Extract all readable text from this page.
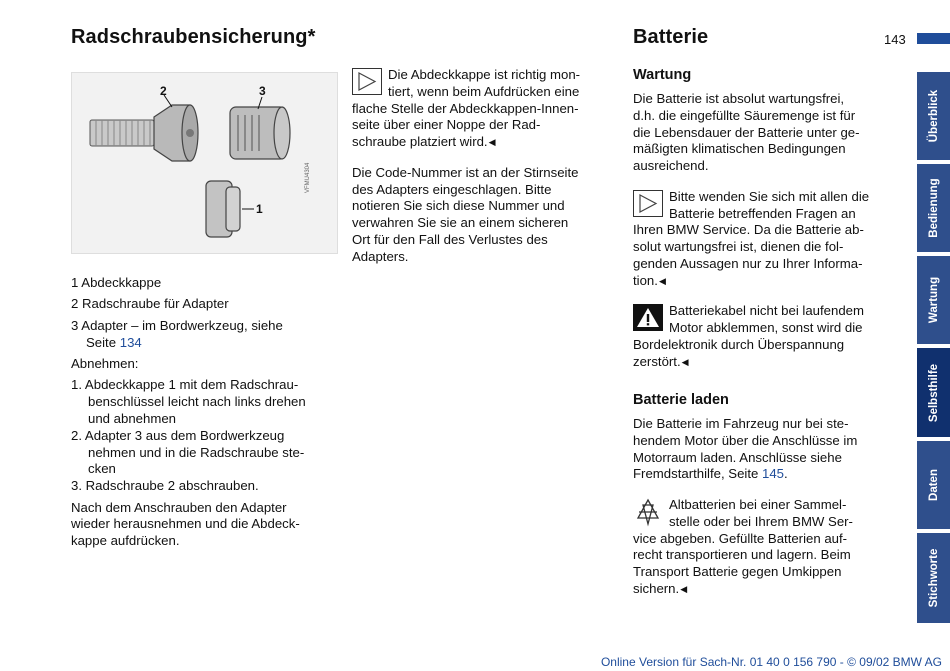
Radschraubensicherung*
2	3
1
VFMU4304

1 Abdeckkappe

2 Radschraube für Adapter

3 Adapter – im Bordwerkzeug, siehe

Seite 134

Abnehmen:

1. Abdeckkappe 1 mit dem Radschrau-

benschlüssel leicht nach links drehen

und abnehmen

2. Adapter 3 aus dem Bordwerkzeug

nehmen und in die Radschraube ste-

cken

3. Radschraube 2 abschrauben.

Nach dem Anschrauben den Adapter

wieder herausnehmen und die Abdeck-

kappe aufdrücken.

Die Abdeckkappe ist richtig mon-

tiert, wenn beim Aufdrücken eine

flache Stelle der Abdeckkappen-Innen-

seite über einer Noppe der Rad-

schraube platziert wird.◀

Die Code-Nummer ist an der Stirnseite

des Adapters eingeschlagen. Bitte

notieren Sie sich diese Nummer und

verwahren Sie sie an einem sicheren

Ort für den Fall des Verlustes des

Adapters.

Batterie	143
Wartung

Die Batterie ist absolut wartungsfrei,

d.h. die eingefüllte Säuremenge ist für

die Lebensdauer der Batterie unter ge-

mäßigten klimatischen Bedingungen

ausreichend.

Bitte wenden Sie sich mit allen die

Batterie betreffenden Fragen an

Ihren BMW Service. Da die Batterie ab-

solut wartungsfrei ist, dienen die fol-

genden Aussagen nur zu Ihrer Informa-

tion.◀

Batteriekabel nicht bei laufendem

Motor abklemmen, sonst wird die

Bordelektronik durch Überspannung

zerstört.◀

Batterie laden

Die Batterie im Fahrzeug nur bei ste-

hendem Motor über die Anschlüsse im

Motorraum laden. Anschlüsse siehe

Fremdstarthilfe, Seite 145.

Altbatterien bei einer Sammel-

stelle oder bei Ihrem BMW Ser-

vice abgeben. Gefüllte Batterien auf-

recht transportieren und lagern. Beim

Transport Batterie gegen Umkippen

sichern.◀

Überblick
Bedienung
Wartung
Selbsthilfe
Daten
Stichworte
Online Version für Sach-Nr. 01 40 0 156 790 - © 09/02 BMW AG
